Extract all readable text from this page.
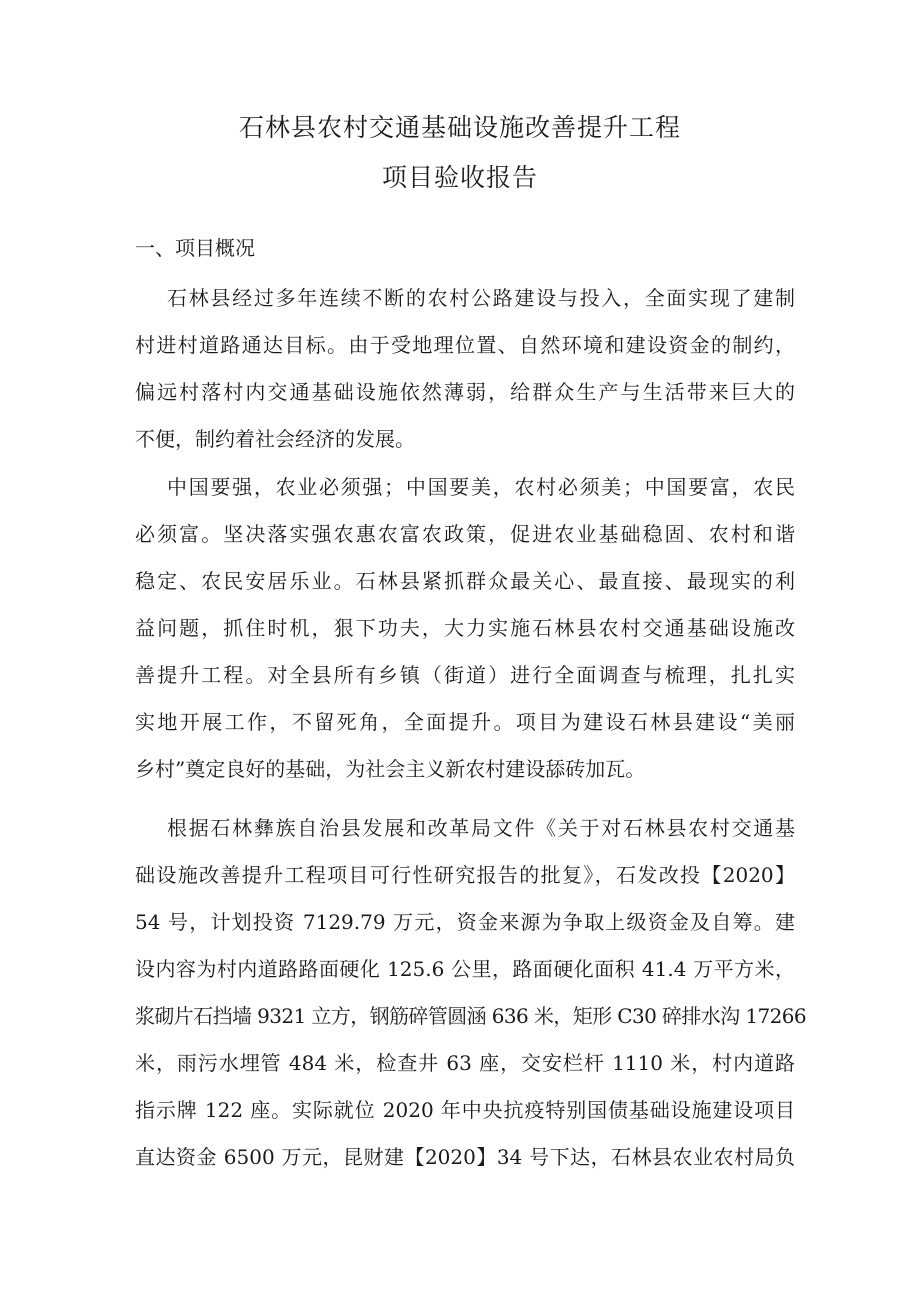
石林县农村交通基础设施改善提升工程
项目验收报告
一、项目概况

石林县经过多年连续不断的农村公路建设与投入，全面实现了建制

村进村道路通达目标。由于受地理位置、自然环境和建设资金的制约，

偏远村落村内交通基础设施依然薄弱，给群众生产与生活带来巨大的

不便，制约着社会经济的发展。

中国要强，农业必须强；中国要美，农村必须美；中国要富，农民

必须富。坚决落实强农惠农富农政策，促进农业基础稳固、农村和谐

稳定、农民安居乐业。石林县紧抓群众最关心、最直接、最现实的利

益问题，抓住时机，狠下功夫，大力实施石林县农村交通基础设施改

善提升工程。对全县所有乡镇（街道）进行全面调查与梳理，扎扎实

实地开展工作，不留死角，全面提升。项目为建设石林县建设“美丽

乡村”奠定良好的基础，为社会主义新农村建设舔砖加瓦。

根据石林彝族自治县发展和改革局文件《关于对石林县农村交通基

础设施改善提升工程项目可行性研究报告的批复》，石发改投【2020】

54 号，计划投资 7129.79 万元，资金来源为争取上级资金及自筹。建

设内容为村内道路路面硬化 125.6 公里，路面硬化面积 41.4 万平方米，

浆砌片石挡墙 9321 立方，钢筋碎管圆涵 636 米，矩形 C30 碎排水沟 17266

米，雨污水埋管 484 米，检查井 63 座，交安栏杆 1110 米，村内道路

指示牌 122 座。实际就位 2020 年中央抗疫特别国债基础设施建设项目

直达资金 6500 万元，昆财建【2020】34 号下达，石林县农业农村局负
